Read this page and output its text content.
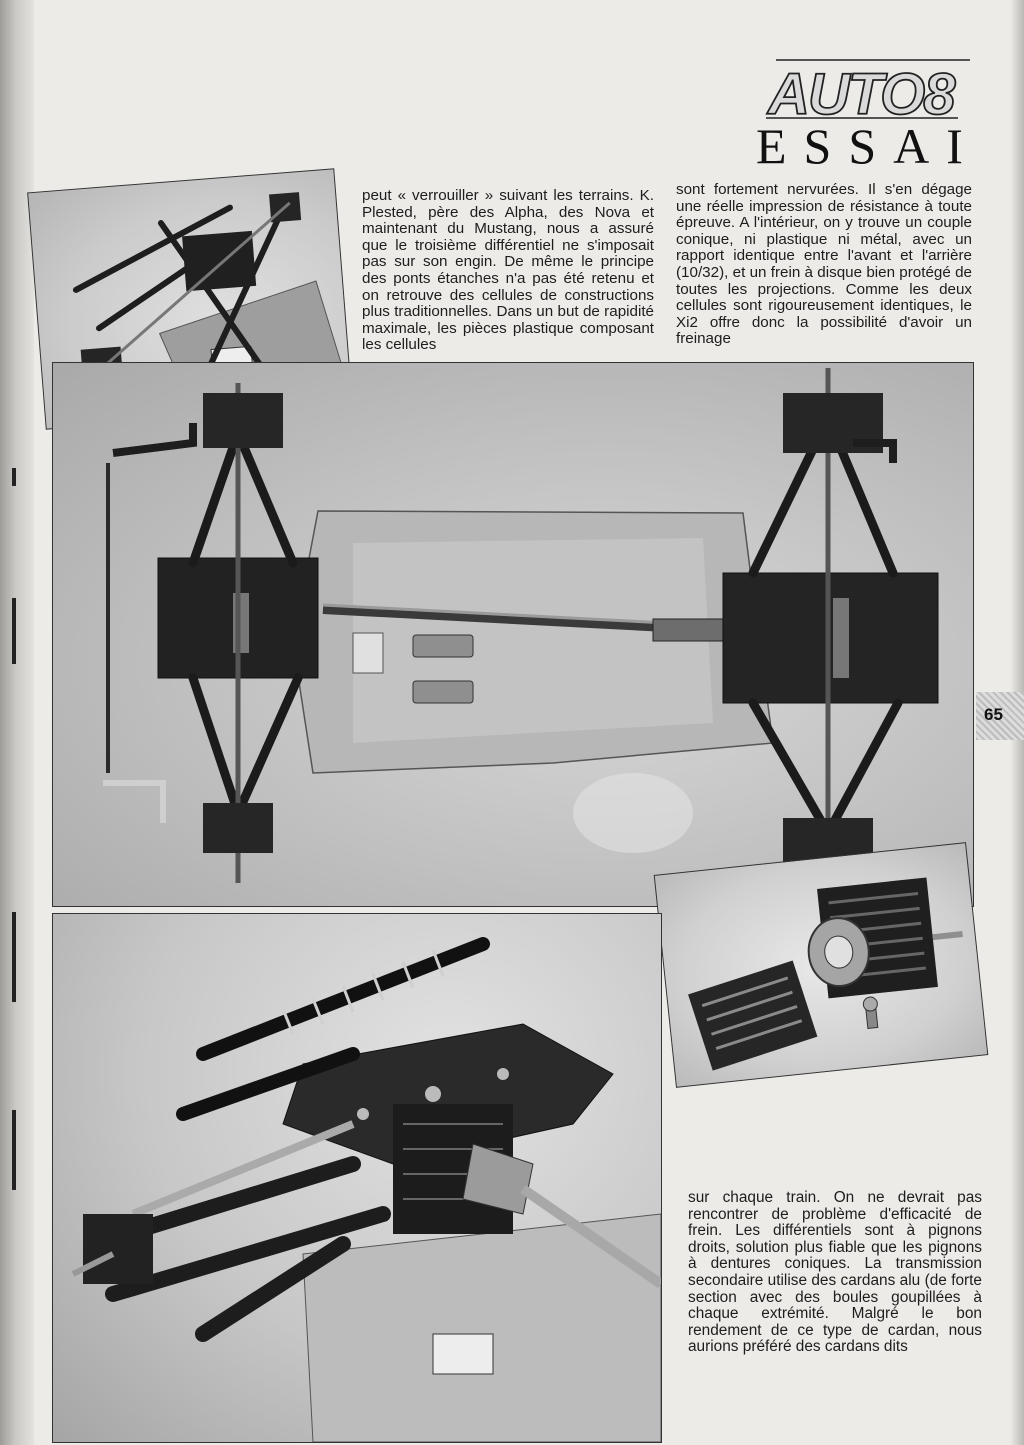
AUTO8
ESSAI

peut « verrouiller » suivant les terrains. K. Plested, père des Alpha, des Nova et maintenant du Mustang, nous a assuré que le troisième différentiel ne s'imposait pas sur son engin. De même le principe des ponts étanches n'a pas été retenu et on retrouve des cellules de constructions plus traditionnelles. Dans un but de rapidité maximale, les pièces plastique composant les cellules

sont fortement nervurées. Il s'en dégage une réelle impression de résistance à toute épreuve. A l'intérieur, on y trouve un couple conique, ni plastique ni métal, avec un rapport identique entre l'avant et l'arrière (10/32), et un frein à disque bien protégé de toutes les projections. Comme les deux cellules sont rigoureusement identiques, le Xi2 offre donc la possibilité d'avoir un freinage

65

sur chaque train. On ne devrait pas rencontrer de problème d'efficacité de frein. Les différentiels sont à pignons droits, solution plus fiable que les pignons à dentures coniques. La transmission secondaire utilise des cardans alu (de forte section avec des boules goupillées à chaque extrémité. Malgré le bon rendement de ce type de cardan, nous aurions préféré des cardans dits
